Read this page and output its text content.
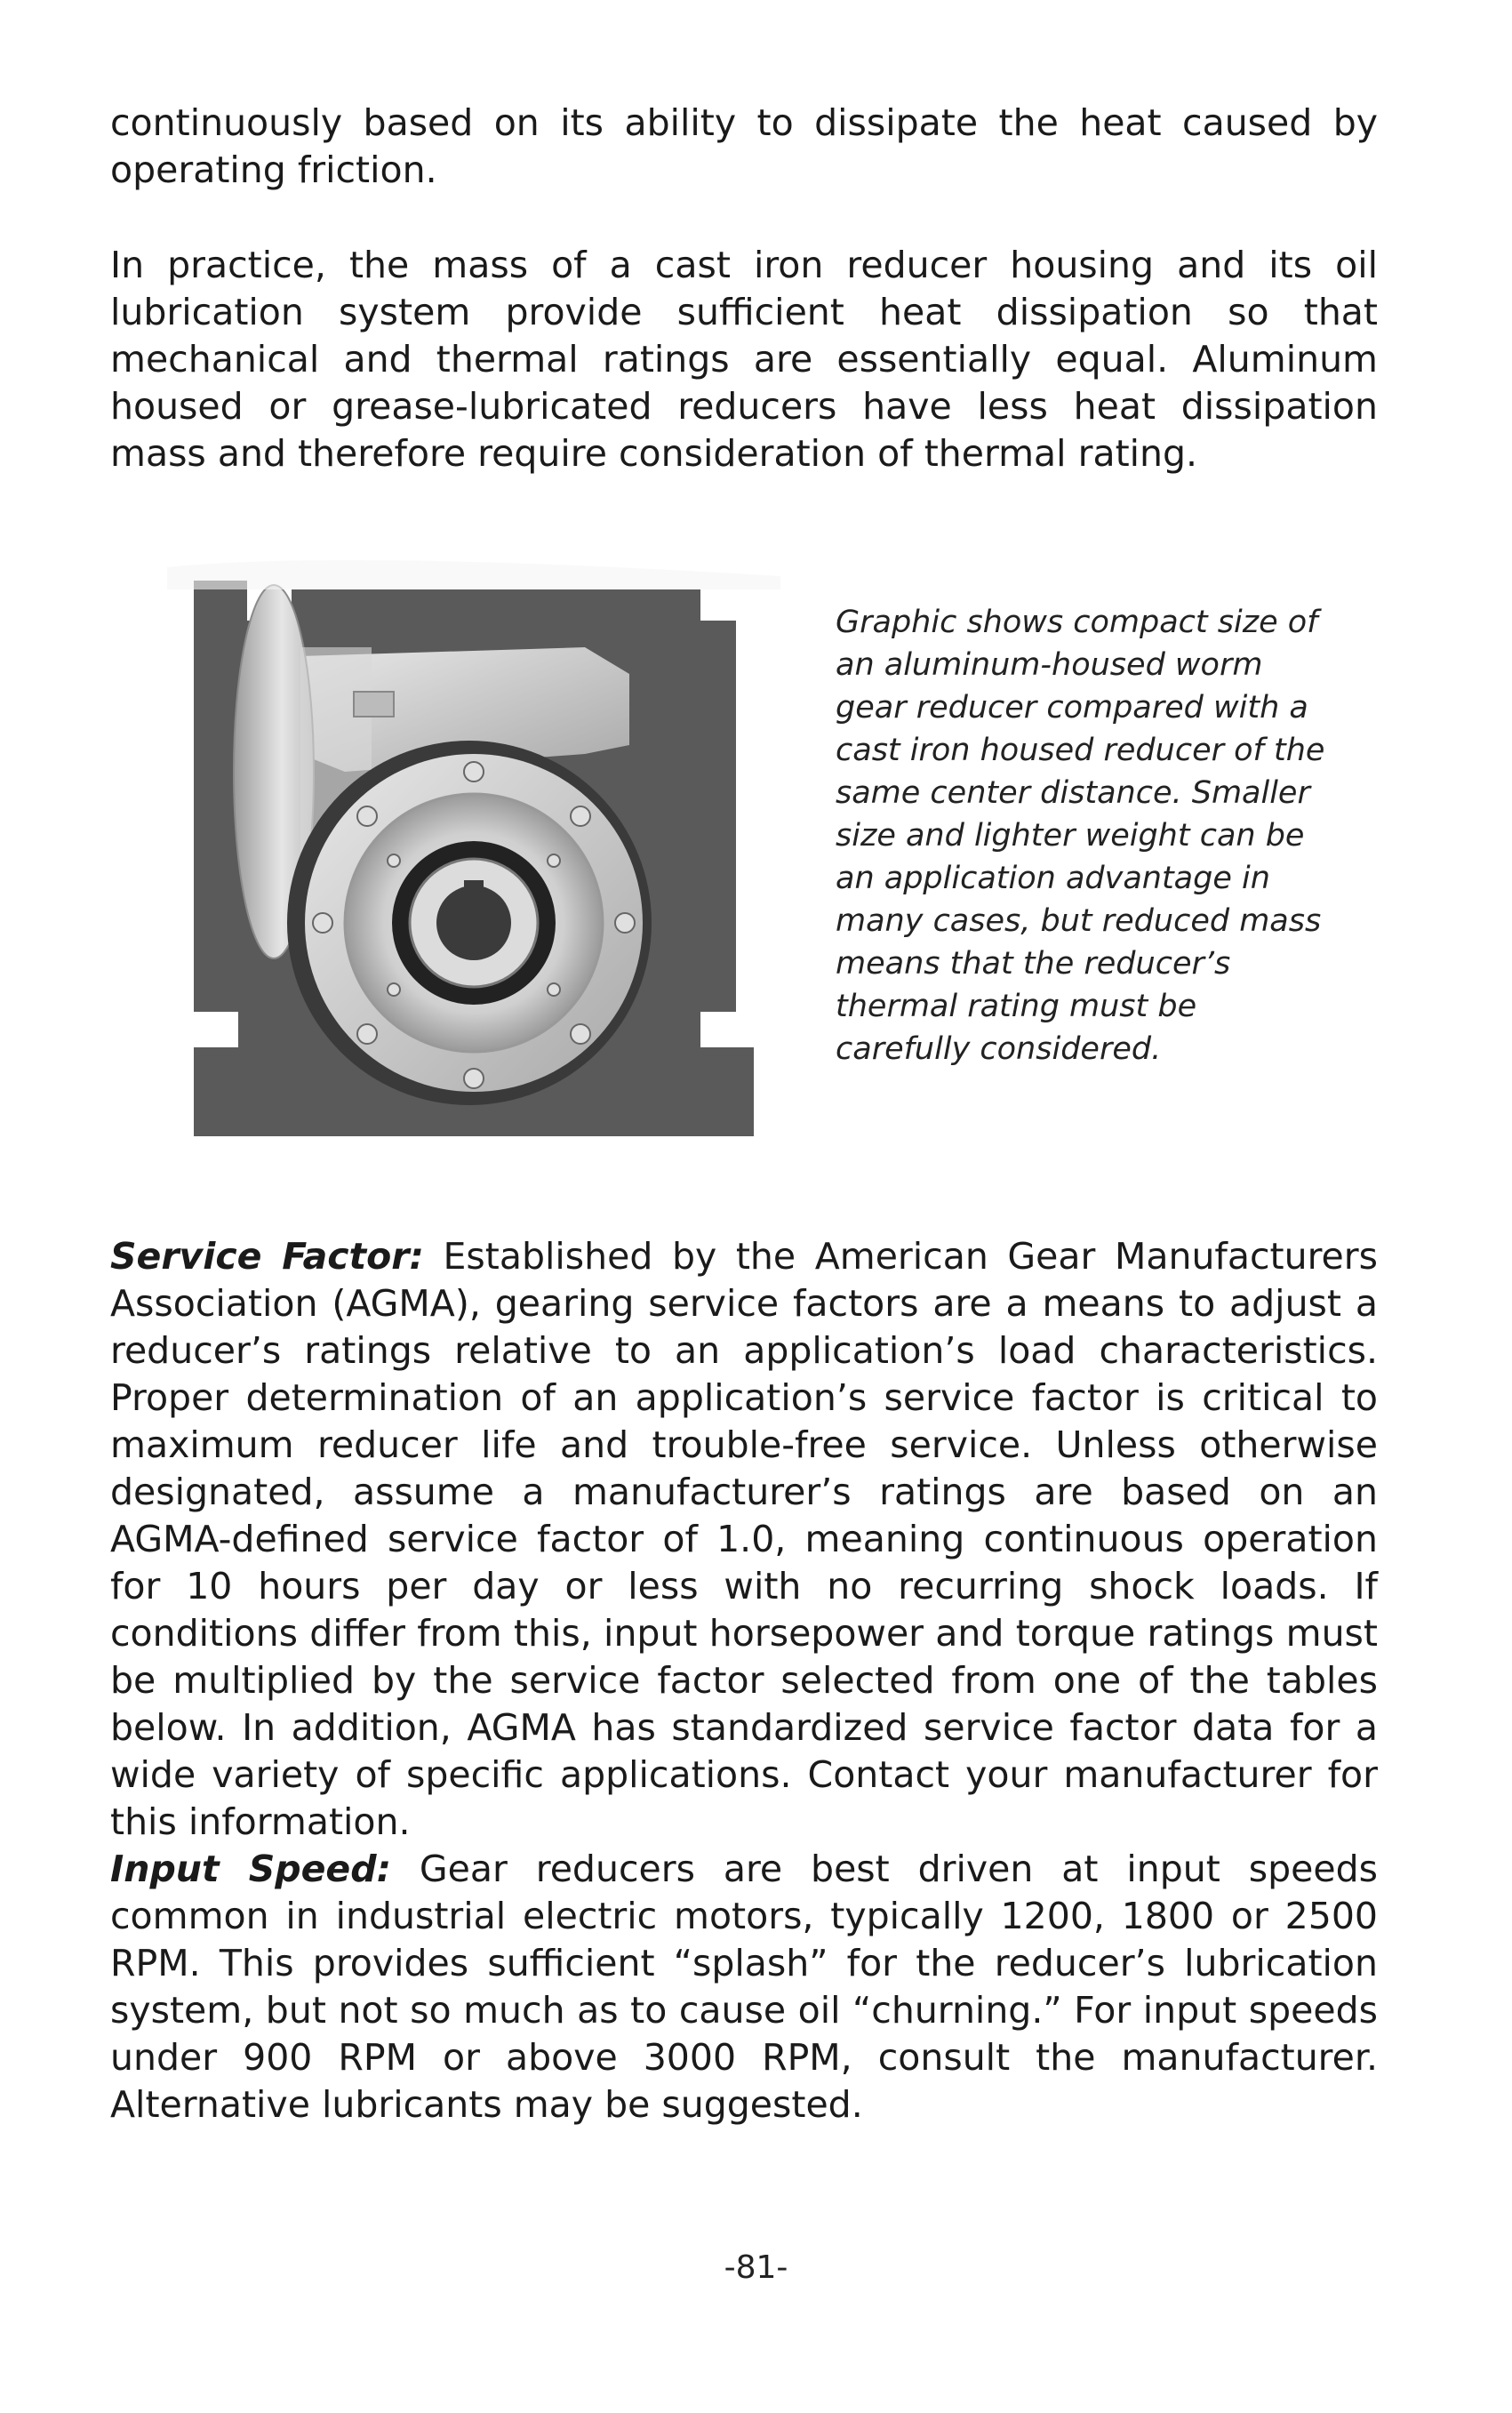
continuously based on its ability to dissipate the heat caused by operating friction.

In practice, the mass of a cast iron reducer housing and its oil lubrication system provide sufficient heat dissipation so that mechanical and thermal ratings are essentially equal. Aluminum housed or grease-lubricated reducers have less heat dissipation mass and therefore require consideration of thermal rating.

Graphic shows compact size of an aluminum-housed worm gear reducer compared with a cast iron housed reducer of the same center distance. Smaller size and lighter weight can be an application advantage in many cases, but reduced mass means that the reducer’s thermal rating must be carefully considered.

Service Factor: Established by the American Gear Manufacturers Association (AGMA), gearing service factors are a means to adjust a reducer’s ratings relative to an application’s load characteristics. Proper determination of an application’s service factor is critical to maximum reducer life and trouble-free service. Unless otherwise designated, assume a manufacturer’s ratings are based on an AGMA-defined service factor of 1.0, meaning continuous operation for 10 hours per day or less with no recurring shock loads. If conditions differ from this, input horsepower and torque ratings must be multiplied by the service factor selected from one of the tables below. In addition, AGMA has standardized service factor data for a wide variety of specific applications. Contact your manufacturer for this information.

Input Speed: Gear reducers are best driven at input speeds common in industrial electric motors, typically 1200, 1800 or 2500 RPM. This provides sufficient “splash” for the reducer’s lubrication system, but not so much as to cause oil “churning.” For input speeds under 900 RPM or above 3000 RPM, consult the manufacturer. Alternative lubricants may be suggested.

-81-
